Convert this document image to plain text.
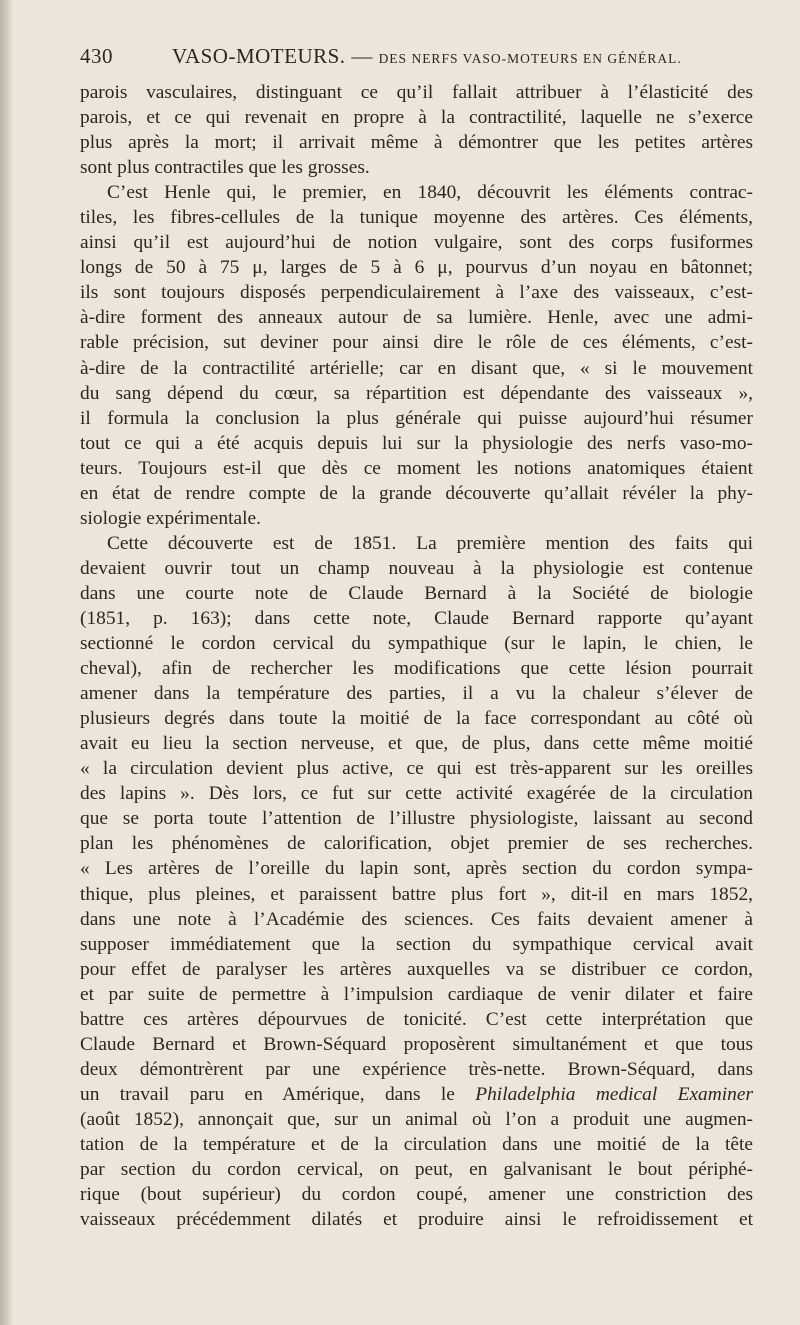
430	VASO-MOTEURS. — DES NERFS VASO-MOTEURS EN GÉNÉRAL.
parois vasculaires, distinguant ce qu’il fallait attribuer à l’élasticité des
parois, et ce qui revenait en propre à la contractilité, laquelle ne s’exerce
plus après la mort; il arrivait même à démontrer que les petites artères
sont plus contractiles que les grosses.
C’est Henle qui, le premier, en 1840, découvrit les éléments contrac-
tiles, les fibres-cellules de la tunique moyenne des artères. Ces éléments,
ainsi qu’il est aujourd’hui de notion vulgaire, sont des corps fusiformes
longs de 50 à 75 μ, larges de 5 à 6 μ, pourvus d’un noyau en bâtonnet;
ils sont toujours disposés perpendiculairement à l’axe des vaisseaux, c’est-
à-dire forment des anneaux autour de sa lumière. Henle, avec une admi-
rable précision, sut deviner pour ainsi dire le rôle de ces éléments, c’est-
à-dire de la contractilité artérielle; car en disant que, « si le mouvement
du sang dépend du cœur, sa répartition est dépendante des vaisseaux »,
il formula la conclusion la plus générale qui puisse aujourd’hui résumer
tout ce qui a été acquis depuis lui sur la physiologie des nerfs vaso-mo-
teurs. Toujours est-il que dès ce moment les notions anatomiques étaient
en état de rendre compte de la grande découverte qu’allait révéler la phy-
siologie expérimentale.
Cette découverte est de 1851. La première mention des faits qui
devaient ouvrir tout un champ nouveau à la physiologie est contenue
dans une courte note de Claude Bernard à la Société de biologie
(1851, p. 163); dans cette note, Claude Bernard rapporte qu’ayant
sectionné le cordon cervical du sympathique (sur le lapin, le chien, le
cheval), afin de rechercher les modifications que cette lésion pourrait
amener dans la température des parties, il a vu la chaleur s’élever de
plusieurs degrés dans toute la moitié de la face correspondant au côté où
avait eu lieu la section nerveuse, et que, de plus, dans cette même moitié
« la circulation devient plus active, ce qui est très-apparent sur les oreilles
des lapins ». Dès lors, ce fut sur cette activité exagérée de la circulation
que se porta toute l’attention de l’illustre physiologiste, laissant au second
plan les phénomènes de calorification, objet premier de ses recherches.
« Les artères de l’oreille du lapin sont, après section du cordon sympa-
thique, plus pleines, et paraissent battre plus fort », dit-il en mars 1852,
dans une note à l’Académie des sciences. Ces faits devaient amener à
supposer immédiatement que la section du sympathique cervical avait
pour effet de paralyser les artères auxquelles va se distribuer ce cordon,
et par suite de permettre à l’impulsion cardiaque de venir dilater et faire
battre ces artères dépourvues de tonicité. C’est cette interprétation que
Claude Bernard et Brown-Séquard proposèrent simultanément et que tous
deux démontrèrent par une expérience très-nette. Brown-Séquard, dans
un travail paru en Amérique, dans le Philadelphia medical Examiner
(août 1852), annonçait que, sur un animal où l’on a produit une augmen-
tation de la température et de la circulation dans une moitié de la tête
par section du cordon cervical, on peut, en galvanisant le bout périphé-
rique (bout supérieur) du cordon coupé, amener une constriction des
vaisseaux précédemment dilatés et produire ainsi le refroidissement et
